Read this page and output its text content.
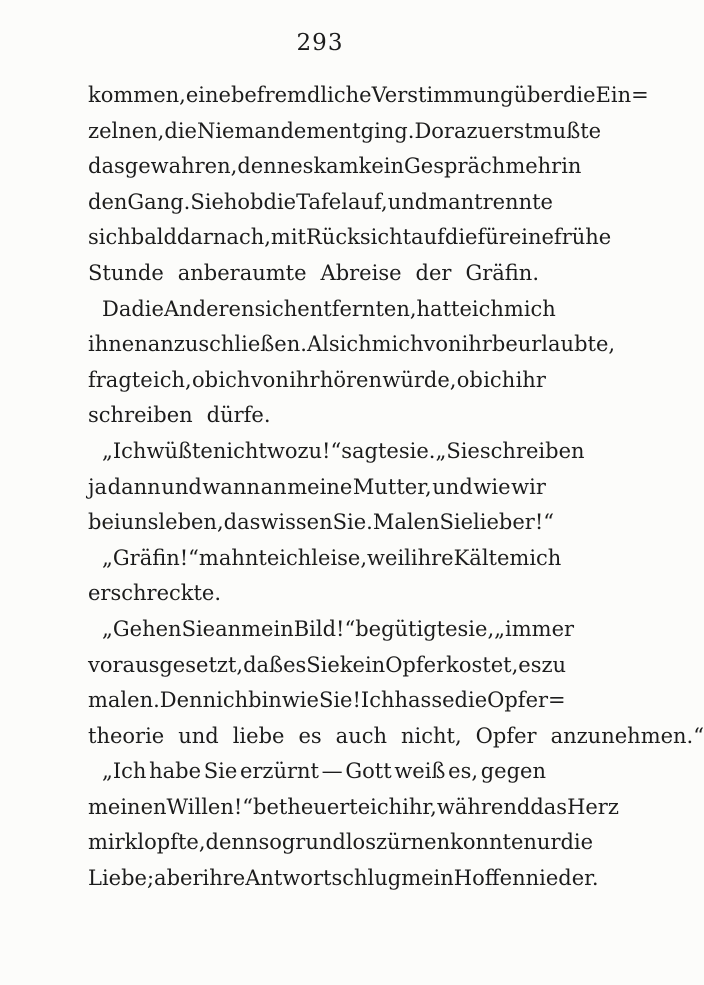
293
kommen, eine befremdliche Verstimmung über die Ein=
zelnen, die Niemandem entging. Dora zuerst mußte
das gewahren, denn es kam kein Gespräch mehr in
den Gang. Sie hob die Tafel auf, und man trennte
sich bald darnach, mit Rücksicht auf die für eine frühe
Stunde anberaumte Abreise der Gräfin.
Da die Anderen sich entfernten, hatte ich mich
ihnen anzuschließen. Als ich mich von ihr beurlaubte,
fragte ich, ob ich von ihr hören würde, ob ich ihr
schreiben dürfe.
„Ich wüßte nicht wozu!“ sagte sie. „Sie schreiben
ja dann und wann an meine Mutter, und wie wir
bei uns leben, das wissen Sie. Malen Sie lieber!“
„Gräfin!“ mahnte ich leise, weil ihre Kälte mich
erschreckte.
„Gehen Sie an mein Bild!“ begütigte sie, „immer
vorausgesetzt, daß es Sie kein Opfer kostet, es zu
malen. Denn ich bin wie Sie! Ich hasse die Opfer=
theorie und liebe es auch nicht, Opfer anzunehmen.“
„Ich habe Sie erzürnt — Gott weiß es, gegen
meinen Willen!“ betheuerte ich ihr, während das Herz
mir klopfte, denn so grundlos zürnen konnte nur die
Liebe; aber ihre Antwort schlug mein Hoffen nieder.
